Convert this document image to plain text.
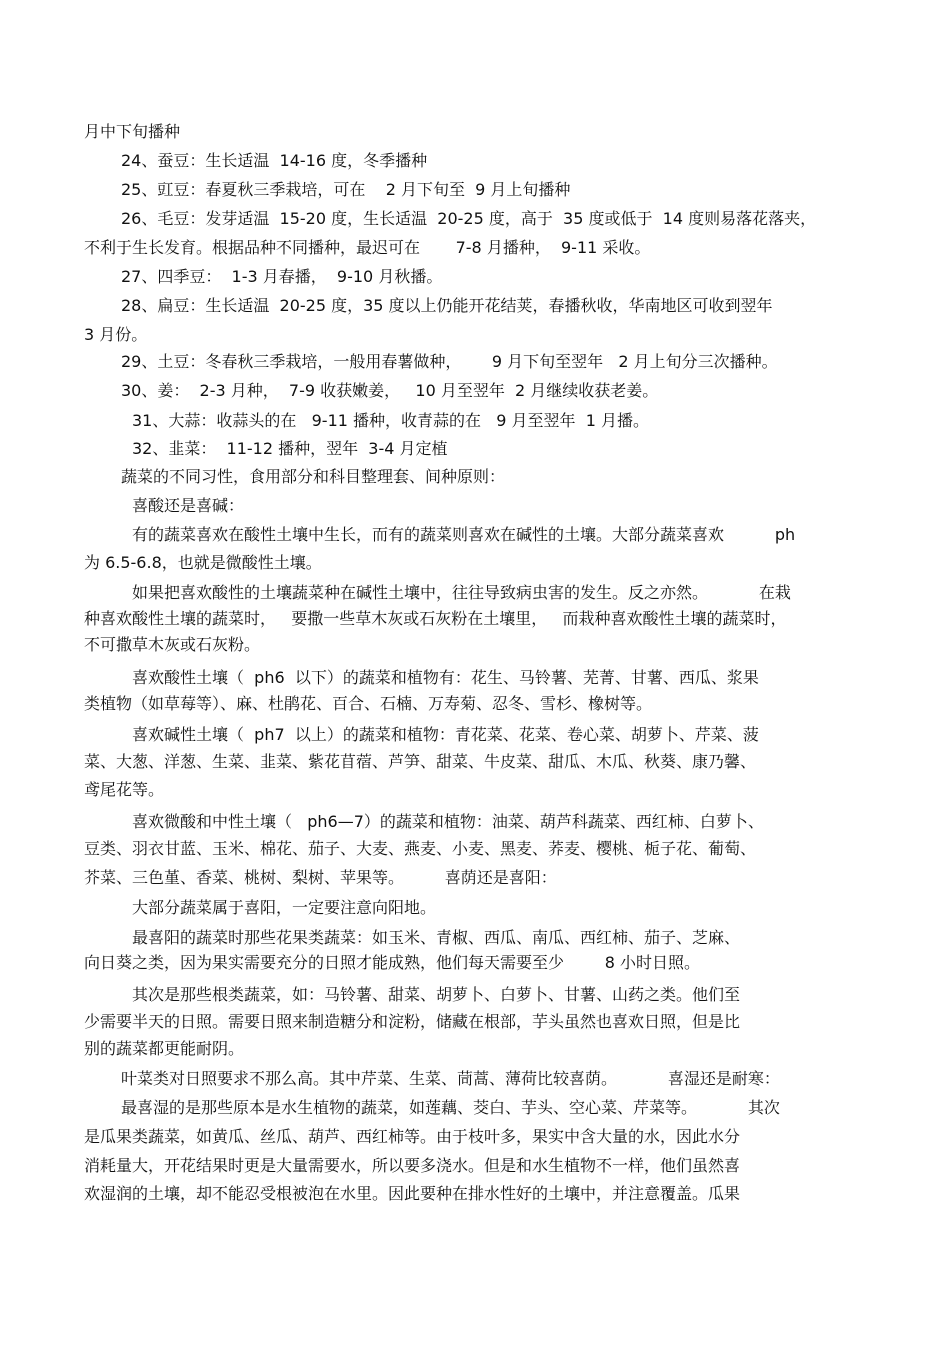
月中下旬播种
24、蚕豆：生长适温  14-16 度，冬季播种
25、豇豆：春夏秋三季栽培，可在    2 月下旬至  9 月上旬播种
26、毛豆：发芽适温  15-20 度，生长适温  20-25 度，高于  35 度或低于  14 度则易落花落夹，
不利于生长发育。根据品种不同播种，最迟可在       7-8 月播种，  9-11 采收。
27、四季豆：  1-3 月春播，  9-10 月秋播。
28、扁豆：生长适温  20-25 度，35 度以上仍能开花结荚，春播秋收，华南地区可收到翌年
3 月份。
29、土豆：冬春秋三季栽培，一般用春薯做种，      9 月下旬至翌年   2 月上旬分三次播种。
30、姜：  2-3 月种，  7-9 收获嫩姜，   10 月至翌年  2 月继续收获老姜。
31、大蒜：收蒜头的在   9-11 播种，收青蒜的在   9 月至翌年  1 月播。
32、韭菜：  11-12 播种，翌年  3-4 月定植
蔬菜的不同习性，食用部分和科目整理套、间种原则：
喜酸还是喜碱：
有的蔬菜喜欢在酸性土壤中生长，而有的蔬菜则喜欢在碱性的土壤。大部分蔬菜喜欢          ph
为 6.5-6.8，也就是微酸性土壤。
如果把喜欢酸性的土壤蔬菜种在碱性土壤中，往往导致病虫害的发生。反之亦然。          在栽
种喜欢酸性土壤的蔬菜时，   要撒一些草木灰或石灰粉在土壤里，   而栽种喜欢酸性土壤的蔬菜时，
不可撒草木灰或石灰粉。
喜欢酸性土壤（  ph6  以下）的蔬菜和植物有：花生、马铃薯、芜菁、甘薯、西瓜、浆果
类植物（如草莓等）、麻、杜鹃花、百合、石楠、万寿菊、忍冬、雪杉、橡树等。
喜欢碱性土壤（  ph7  以上）的蔬菜和植物：青花菜、花菜、卷心菜、胡萝卜、芹菜、菠
菜、大葱、洋葱、生菜、韭菜、紫花苜蓿、芦笋、甜菜、牛皮菜、甜瓜、木瓜、秋葵、康乃馨、
鸢尾花等。
喜欢微酸和中性土壤（   ph6—7）的蔬菜和植物：油菜、葫芦科蔬菜、西红柿、白萝卜、
豆类、羽衣甘蓝、玉米、棉花、茄子、大麦、燕麦、小麦、黑麦、荞麦、樱桃、栀子花、葡萄、
芥菜、三色堇、香菜、桃树、梨树、苹果等。        喜荫还是喜阳：
大部分蔬菜属于喜阳，一定要注意向阳地。
最喜阳的蔬菜时那些花果类蔬菜：如玉米、青椒、西瓜、南瓜、西红柿、茄子、芝麻、
向日葵之类，因为果实需要充分的日照才能成熟，他们每天需要至少        8 小时日照。
其次是那些根类蔬菜，如：马铃薯、甜菜、胡萝卜、白萝卜、甘薯、山药之类。他们至
少需要半天的日照。需要日照来制造糖分和淀粉，储藏在根部，芋头虽然也喜欢日照，但是比
别的蔬菜都更能耐阴。
叶菜类对日照要求不那么高。其中芹菜、生菜、茼蒿、薄荷比较喜荫。          喜湿还是耐寒：
最喜湿的是那些原本是水生植物的蔬菜，如莲藕、茭白、芋头、空心菜、芹菜等。          其次
是瓜果类蔬菜，如黄瓜、丝瓜、葫芦、西红柿等。由于枝叶多，果实中含大量的水，因此水分
消耗量大，开花结果时更是大量需要水，所以要多浇水。但是和水生植物不一样，他们虽然喜
欢湿润的土壤，却不能忍受根被泡在水里。因此要种在排水性好的土壤中，并注意覆盖。瓜果
